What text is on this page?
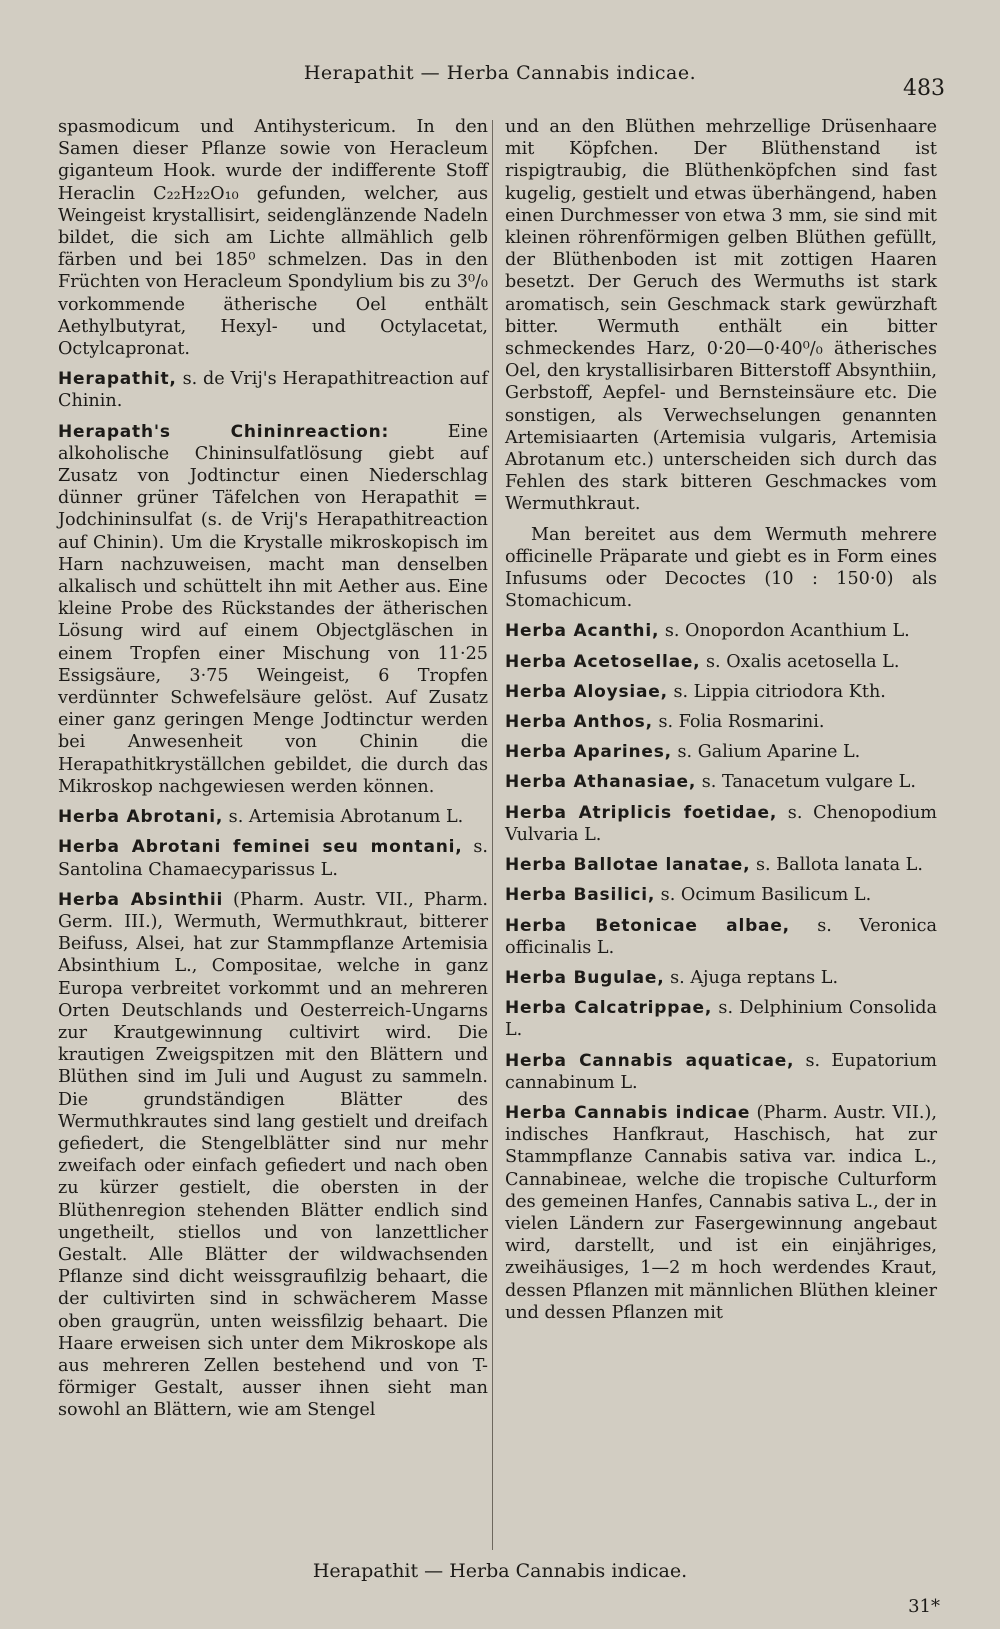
Herapathit — Herba Cannabis indicae.
483

spasmodicum und Antihystericum. In den Samen dieser Pflanze sowie von Heracleum giganteum Hook. wurde der indifferente Stoff Heraclin C₂₂H₂₂O₁₀ gefunden, welcher, aus Weingeist krystallisirt, seidenglänzende Nadeln bildet, die sich am Lichte allmählich gelb färben und bei 185⁰ schmelzen. Das in den Früchten von Heracleum Spondylium bis zu 3⁰/₀ vorkommende ätherische Oel enthält Aethylbutyrat, Hexyl- und Octylacetat, Octylcapronat.

Herapathit, s. de Vrij's Herapathitreaction auf Chinin.

Herapath's Chininreaction: Eine alkoholische Chininsulfatlösung giebt auf Zusatz von Jodtinctur einen Niederschlag dünner grüner Täfelchen von Herapathit = Jodchininsulfat (s. de Vrij's Herapathitreaction auf Chinin). Um die Krystalle mikroskopisch im Harn nachzuweisen, macht man denselben alkalisch und schüttelt ihn mit Aether aus. Eine kleine Probe des Rückstandes der ätherischen Lösung wird auf einem Objectgläschen in einem Tropfen einer Mischung von 11·25 Essigsäure, 3·75 Weingeist, 6 Tropfen verdünnter Schwefelsäure gelöst. Auf Zusatz einer ganz geringen Menge Jodtinctur werden bei Anwesenheit von Chinin die Herapathitkryställchen gebildet, die durch das Mikroskop nachgewiesen werden können.

Herba Abrotani, s. Artemisia Abrotanum L.

Herba Abrotani feminei seu montani, s. Santolina Chamaecyparissus L.

Herba Absinthii (Pharm. Austr. VII., Pharm. Germ. III.), Wermuth, Wermuthkraut, bitterer Beifuss, Alsei, hat zur Stammpflanze Artemisia Absinthium L., Compositae, welche in ganz Europa verbreitet vorkommt und an mehreren Orten Deutschlands und Oesterreich-Ungarns zur Krautgewinnung cultivirt wird. Die krautigen Zweigspitzen mit den Blättern und Blüthen sind im Juli und August zu sammeln. Die grundständigen Blätter des Wermuthkrautes sind lang gestielt und dreifach gefiedert, die Stengelblätter sind nur mehr zweifach oder einfach gefiedert und nach oben zu kürzer gestielt, die obersten in der Blüthenregion stehenden Blätter endlich sind ungetheilt, stiellos und von lanzettlicher Gestalt. Alle Blätter der wildwachsenden Pflanze sind dicht weissgraufilzig behaart, die der cultivirten sind in schwächerem Masse oben graugrün, unten weissfilzig behaart. Die Haare erweisen sich unter dem Mikroskope als aus mehreren Zellen bestehend und von T-förmiger Gestalt, ausser ihnen sieht man sowohl an Blättern, wie am Stengel

und an den Blüthen mehrzellige Drüsenhaare mit Köpfchen. Der Blüthenstand ist rispigtraubig, die Blüthenköpfchen sind fast kugelig, gestielt und etwas überhängend, haben einen Durchmesser von etwa 3 mm, sie sind mit kleinen röhrenförmigen gelben Blüthen gefüllt, der Blüthenboden ist mit zottigen Haaren besetzt. Der Geruch des Wermuths ist stark aromatisch, sein Geschmack stark gewürzhaft bitter. Wermuth enthält ein bitter schmeckendes Harz, 0·20—0·40⁰/₀ ätherisches Oel, den krystallisirbaren Bitterstoff Absynthiin, Gerbstoff, Aepfel- und Bernsteinsäure etc. Die sonstigen, als Verwechselungen genannten Artemisiaarten (Artemisia vulgaris, Artemisia Abrotanum etc.) unterscheiden sich durch das Fehlen des stark bitteren Geschmackes vom Wermuthkraut.

Man bereitet aus dem Wermuth mehrere officinelle Präparate und giebt es in Form eines Infusums oder Decoctes (10 : 150·0) als Stomachicum.

Herba Acanthi, s. Onopordon Acanthium L.

Herba Acetosellae, s. Oxalis acetosella L.

Herba Aloysiae, s. Lippia citriodora Kth.

Herba Anthos, s. Folia Rosmarini.

Herba Aparines, s. Galium Aparine L.

Herba Athanasiae, s. Tanacetum vulgare L.

Herba Atriplicis foetidae, s. Chenopodium Vulvaria L.

Herba Ballotae lanatae, s. Ballota lanata L.

Herba Basilici, s. Ocimum Basilicum L.

Herba Betonicae albae, s. Veronica officinalis L.

Herba Bugulae, s. Ajuga reptans L.

Herba Calcatrippae, s. Delphinium Consolida L.

Herba Cannabis aquaticae, s. Eupatorium cannabinum L.

Herba Cannabis indicae (Pharm. Austr. VII.), indisches Hanfkraut, Haschisch, hat zur Stammpflanze Cannabis sativa var. indica L., Cannabineae, welche die tropische Culturform des gemeinen Hanfes, Cannabis sativa L., der in vielen Ländern zur Fasergewinnung angebaut wird, darstellt, und ist ein einjähriges, zweihäusiges, 1—2 m hoch werdendes Kraut, dessen Pflanzen mit männlichen Blüthen kleiner und dessen Pflanzen mit

Herapathit — Herba Cannabis indicae.
31*
